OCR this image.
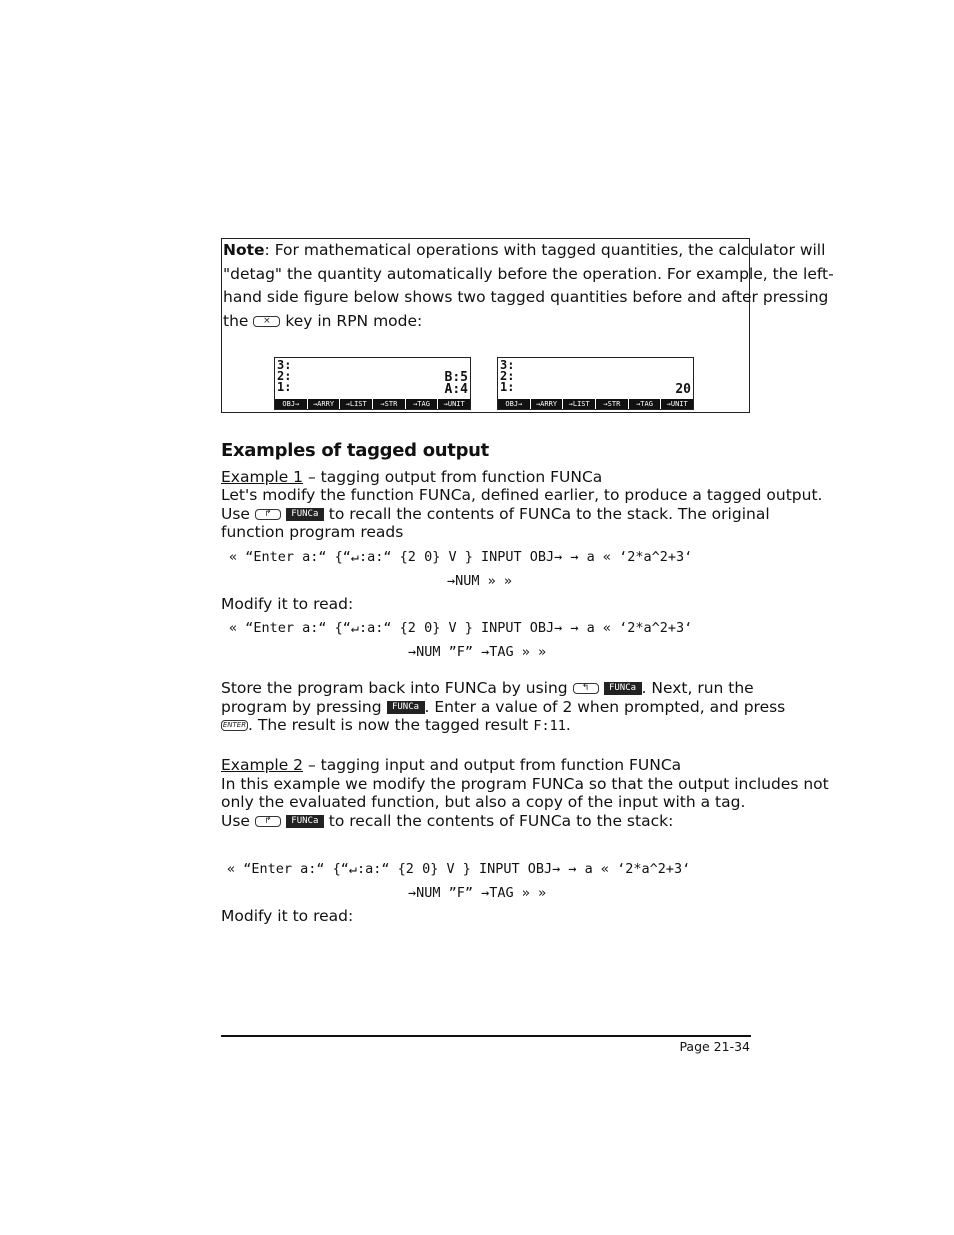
Note: For mathematical operations with tagged quantities, the calculator will
"detag" the quantity automatically before the operation. For example, the left-
hand side figure below shows two tagged quantities before and after pressing
the × key in RPN mode:
3:
2:
1:
B:5
A:4
OBJ→	→ARRY	→LIST	→STR	→TAG	→UNIT
3:
2:
1:	20
OBJ→	→ARRY	→LIST	→STR	→TAG	→UNIT
Examples of tagged output
Example 1 – tagging output from function FUNCa
Let's modify the function FUNCa, defined earlier, to produce a tagged output.
Use ↱ FUNCa to recall the contents of FUNCa to the stack. The original
function program reads
« “Enter a:“ {“↵:a:“ {2 0} V } INPUT OBJ→ → a « ‘2*a^2+3‘
→NUM » »
Modify it to read:
« “Enter a:“ {“↵:a:“ {2 0} V } INPUT OBJ→ → a « ‘2*a^2+3‘
→NUM ”F” →TAG » »
Store the program back into FUNCa by using ↰ FUNCa . Next, run the
program by pressing FUNCa . Enter a value of 2 when prompted, and press
ENTER . The result is now the tagged result F:11.
Example 2 – tagging input and output from function FUNCa
In this example we modify the program FUNCa so that the output includes not
only the evaluated function, but also a copy of the input with a tag.
Use ↱ FUNCa to recall the contents of FUNCa to the stack:
« “Enter a:“ {“↵:a:“ {2 0} V } INPUT OBJ→ → a « ‘2*a^2+3‘
→NUM ”F” →TAG » »
Modify it to read:
Page 21-34
